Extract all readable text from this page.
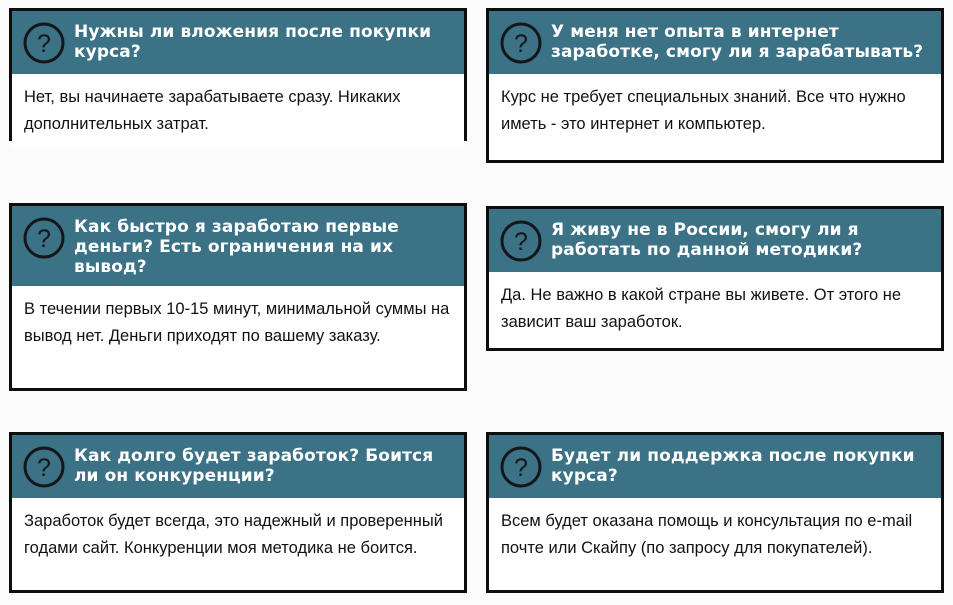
? Нужны ли вложения после покупки курса?
Нет, вы начинаете зарабатываете сразу. Никаких дополнительных затрат.
? У меня нет опыта в интернет заработке, смогу ли я зарабатывать?
Курс не требует специальных знаний. Все что нужно иметь - это интернет и компьютер.
? Как быстро я заработаю первые деньги? Есть ограничения на их вывод?
В течении первых 10-15 минут, минимальной суммы на вывод нет. Деньги приходят по вашему заказу.
? Я живу не в России, смогу ли я работать по данной методики?
Да. Не важно в какой стране вы живете. От этого не зависит ваш заработок.
? Как долго будет заработок? Боится ли он конкуренции?
Заработок будет всегда, это надежный и проверенный годами сайт. Конкуренции моя методика не боится.
? Будет ли поддержка после покупки курса?
Всем будет оказана помощь и консультация по e-mail почте или Скайпу (по запросу для покупателей).
